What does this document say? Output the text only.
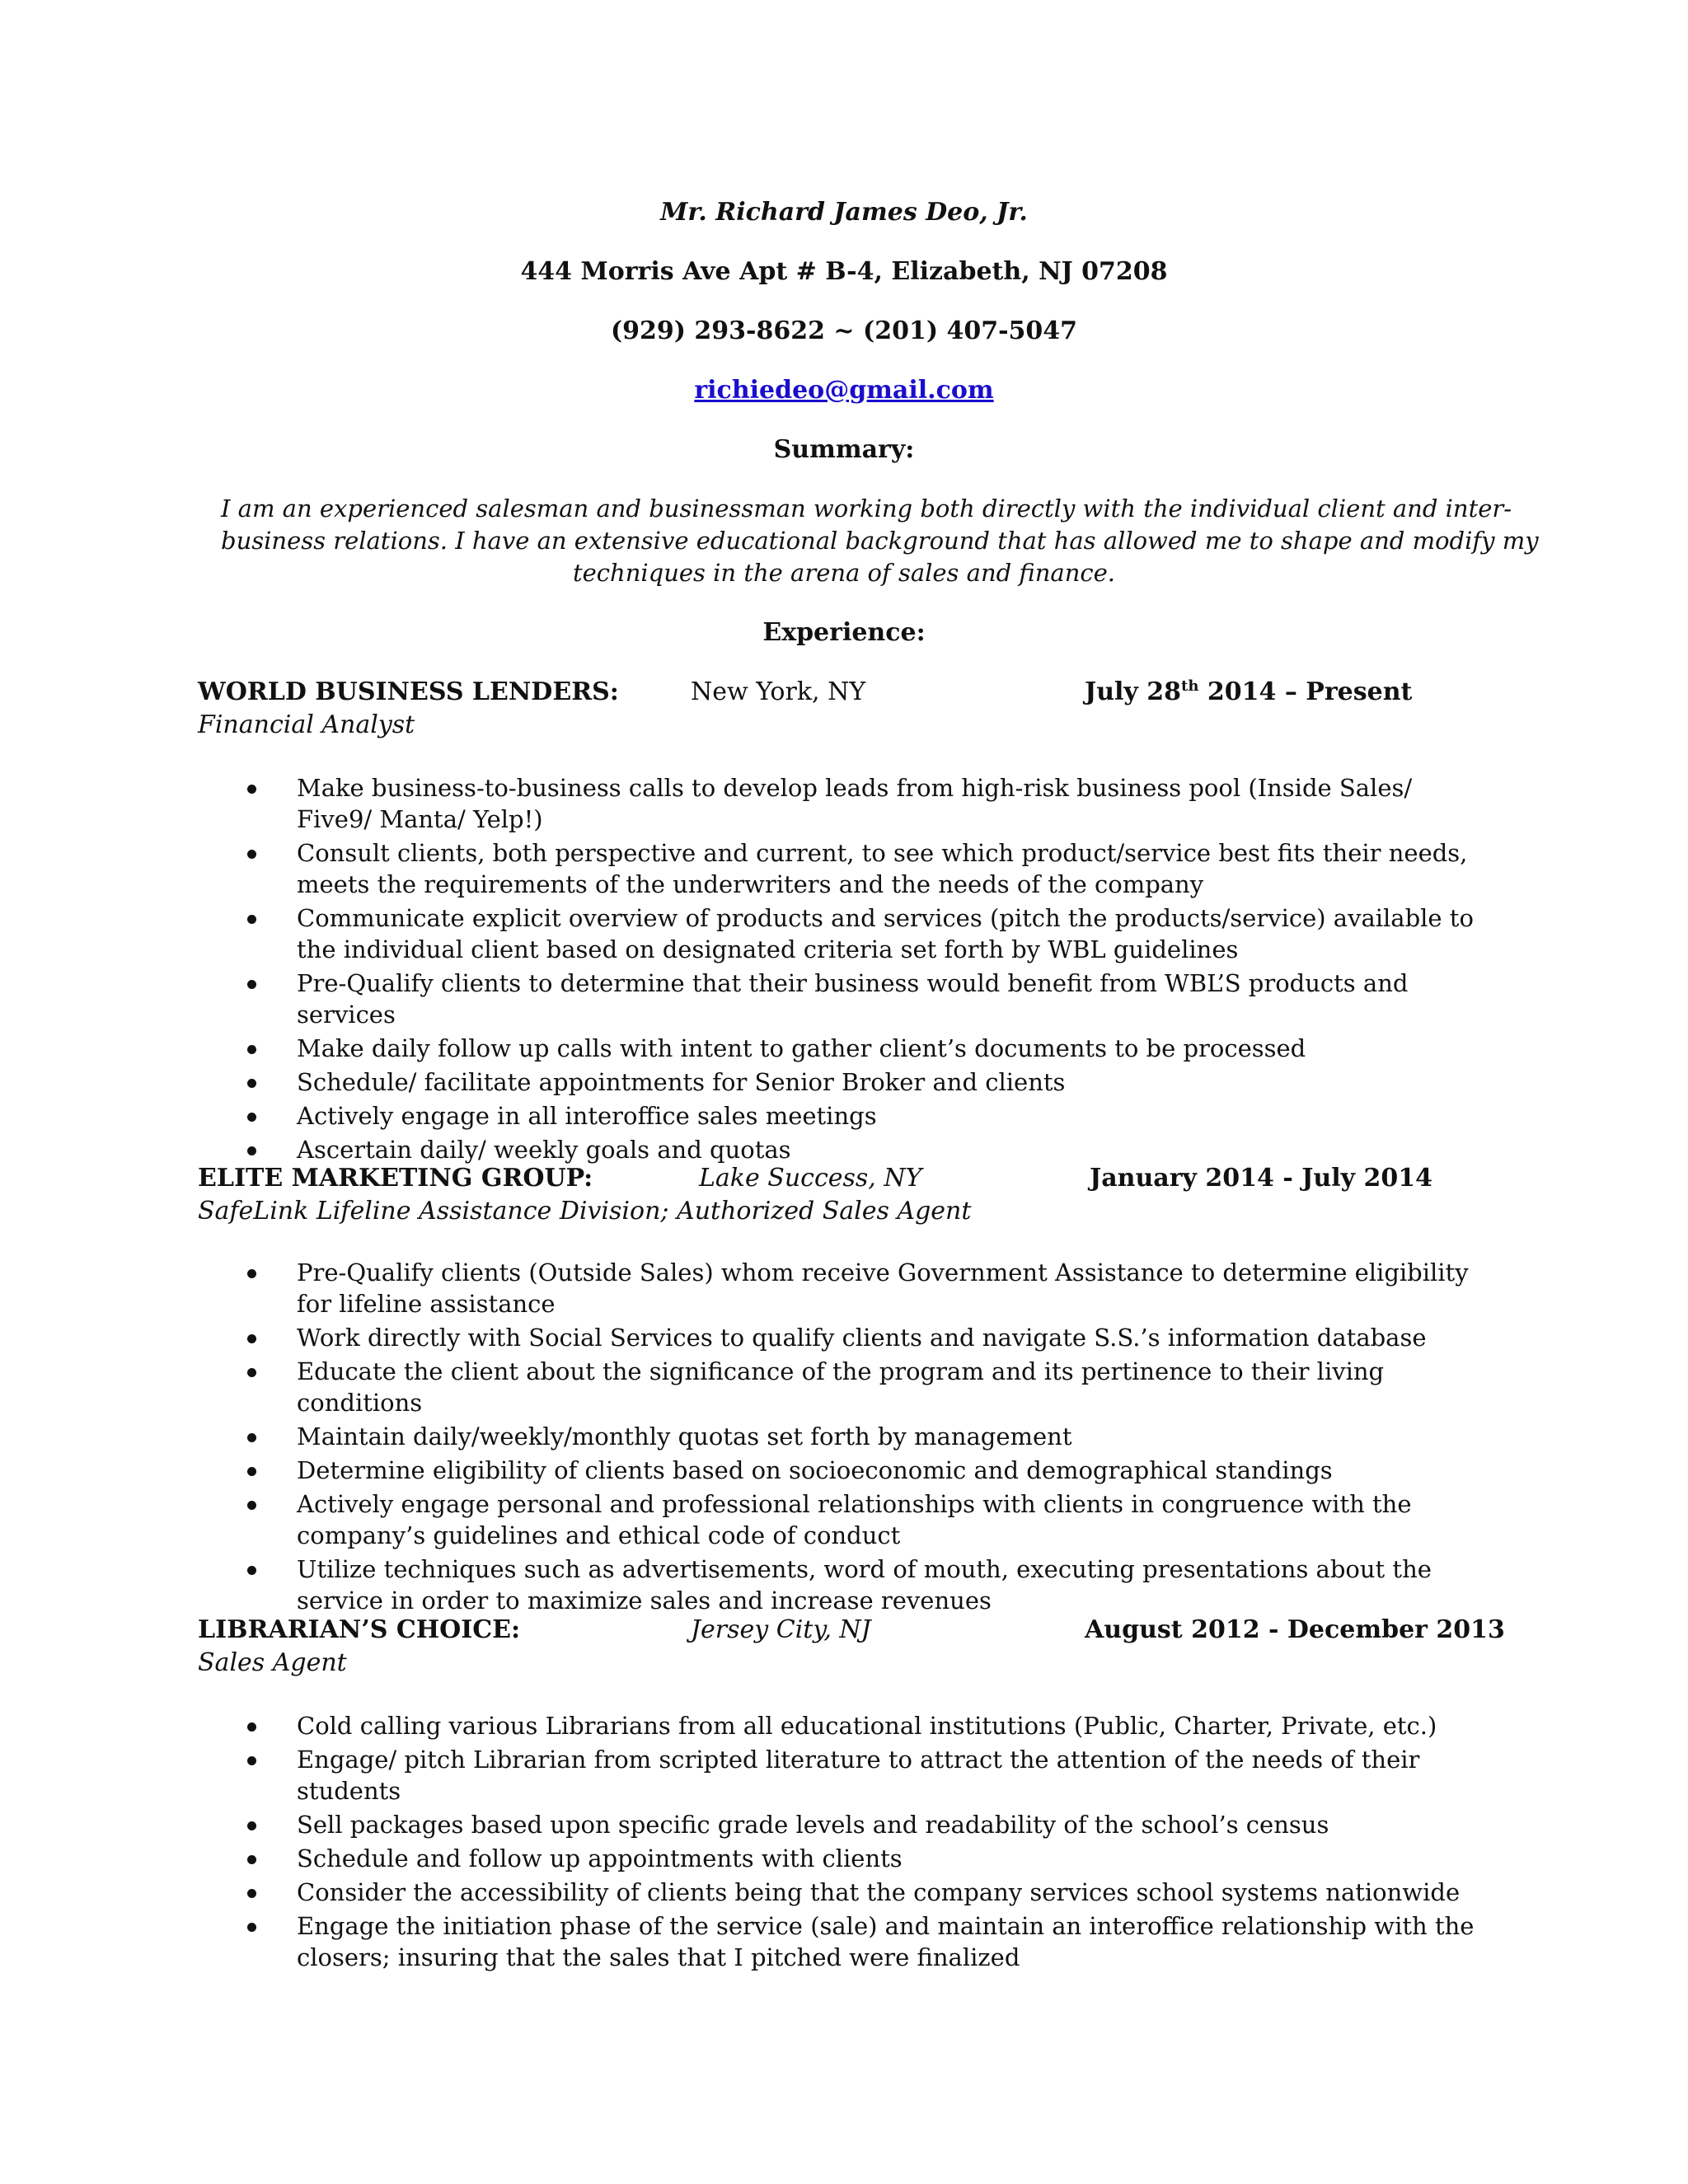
Mr. Richard James Deo, Jr.
444 Morris Ave Apt # B-4, Elizabeth, NJ 07208
(929) 293-8622 ~ (201) 407-5047
richiedeo@gmail.com
Summary:
I am an experienced salesman and businessman working both directly with the individual client and inter-
business relations. I have an extensive educational background that has allowed me to shape and modify my
techniques in the arena of sales and finance.
Experience:
WORLD BUSINESS LENDERS:	New York, NY	July 28th 2014 – Present
Financial Analyst
Make business-to-business calls to develop leads from high-risk business pool (Inside Sales/ Five9/ Manta/ Yelp!)
Consult clients, both perspective and current, to see which product/service best fits their needs, meets the requirements of the underwriters and the needs of the company
Communicate explicit overview of products and services (pitch the products/service) available to the individual client based on designated criteria set forth by WBL guidelines
Pre-Qualify clients to determine that their business would benefit from WBL’S products and services
Make daily follow up calls with intent to gather client’s documents to be processed
Schedule/ facilitate appointments for Senior Broker and clients
Actively engage in all interoffice sales meetings
Ascertain daily/ weekly goals and quotas
ELITE MARKETING GROUP:	Lake Success, NY	January 2014 - July 2014
SafeLink Lifeline Assistance Division; Authorized Sales Agent
Pre-Qualify clients (Outside Sales) whom receive Government Assistance to determine eligibility for lifeline assistance
Work directly with Social Services to qualify clients and navigate S.S.’s information database
Educate the client about the significance of the program and its pertinence to their living conditions
Maintain daily/weekly/monthly quotas set forth by management
Determine eligibility of clients based on socioeconomic and demographical standings
Actively engage personal and professional relationships with clients in congruence with the company’s guidelines and ethical code of conduct
Utilize techniques such as advertisements, word of mouth, executing presentations about the service in order to maximize sales and increase revenues
LIBRARIAN’S CHOICE:	Jersey City, NJ	August 2012 - December 2013
Sales Agent
Cold calling various Librarians from all educational institutions (Public, Charter, Private, etc.)
Engage/ pitch Librarian from scripted literature to attract the attention of the needs of their students
Sell packages based upon specific grade levels and readability of the school’s census
Schedule and follow up appointments with clients
Consider the accessibility of clients being that the company services school systems nationwide
Engage the initiation phase of the service (sale) and maintain an interoffice relationship with the closers; insuring that the sales that I pitched were finalized
